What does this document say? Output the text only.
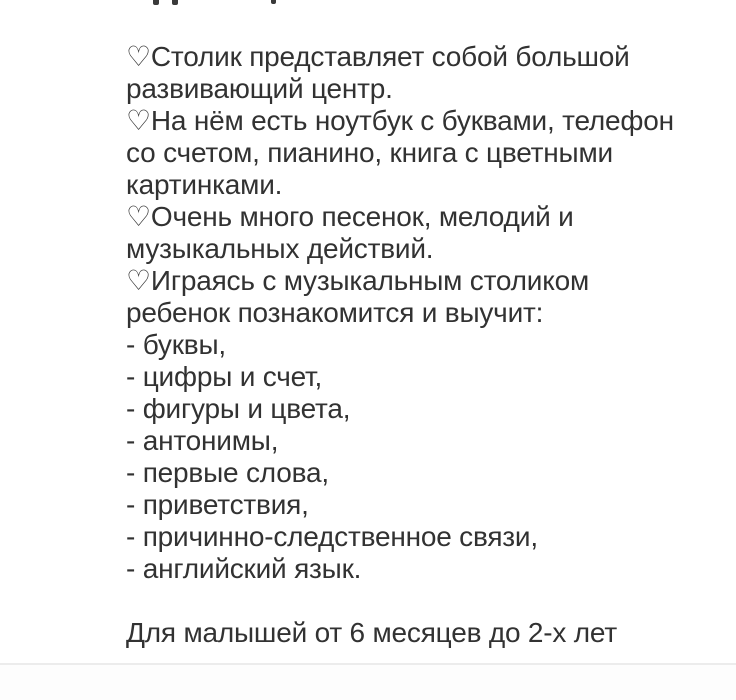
♡Столик представляет собой большой
развивающий центр.
♡На нём есть ноутбук с буквами, телефон
со счетом, пианино, книга с цветными
картинками.
♡Очень много песенок, мелодий и
музыкальных действий.
♡Играясь с музыкальным столиком
ребенок познакомится и выучит:
- буквы,
- цифры и счет,
- фигуры и цвета,
- антонимы,
- первые слова,
- приветствия,
- причинно-следственное связи,
- английский язык.
Для малышей от 6 месяцев до 2-х лет
